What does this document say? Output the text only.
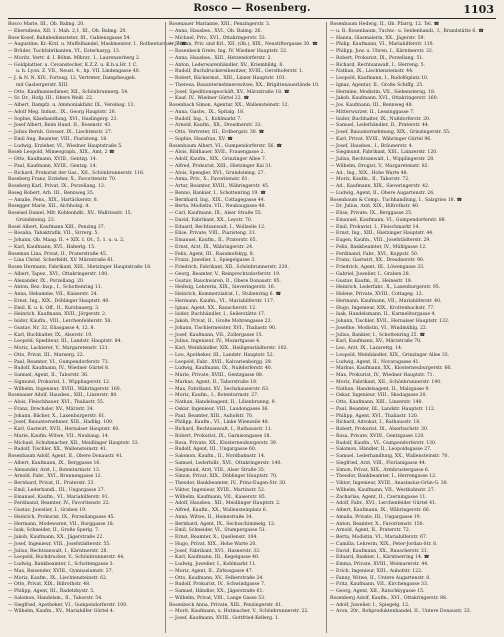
Rosco — Rosenberg.	1103
Rosco Marie, III., Ob. Balmg. 20.
— Ebersdiens, XII. 1. Mah. 2,1, III., Ob. Balmg. 20.
Rose Kosef, Bahnbediensteter, III., Gablenzgasse 54.
— Augustine, Kr.-Krzl. u. Muffelhandel, Maskmeister, I., Rothenturmstr. 7 ☎
— Brüder, Tuchfabrikanten, VI., Esterhazyg. 13.
— Moritz, Vertr. d. I. Böhm. Mlbrzr., I., Laurenzerberg 2.
— Goldplattier. u. Cevanstecher, K.Z.Z. u. K.h.u.Hr. f. C.
u. h. Lyon. Z. VII., Neust. 4., hp. VII. Lindengasse 40.
— J. & N. N. XIV., Fortesg. 12, Vertreter, Dampfzeugeb.
mit Gasbergerstr. XIII.
— Otto, Kaufmannsdiener, XII., Schönbrunnerg. 54.
— Sr. Dr., Hofg. III., Obere Weiß. 22.
— Albert, Dampfz. u. Ammoniakfabr. IX., Vereinsg. 13.
— Adolf Meg. Indust., IX., Georg Hauptstr. 26.
— Sophie, Käsehandlung, XVI., Haslingerg. 23.
— Josef Albert, Beim Hand. II., Rosenstr. 43.
— Julius Bernh. Grosser, IX., Liechtenstr. 27.
— Emil Ang. Beamter, VIII., Piaristeng. 18.
— Ludwig, Erzieher, VI., Wiedner Hauptstraße 5.
Roseb Leopold, Mimeograph., XIX., Amt, 2 ☎
— Otto, Kaufmann, XVIII., Gentzg. 14.
— Paul, Kaufmann, XVIII., Gentzg. 14.
— Richard, Prokurist der Gas., XII., Schönbrunnerstr. 116.
Roseberg Franz, Erzieher, X., Favoritenstr. 70.
Roseberg Karl, Privat, IX., Porzellang. 12.
Roseg Robert, Arb. III., Rennweg 35.
— Amalie, Pens., XIX., Hartäckerstr. 8.
Rosegger Marie, XII., Aichholzg. 4.
Roseisel Daniel, Mfr. Kohlenhdlr., XV., Wallrissstr. 15.
Grundsteing. 23.
Rosel Albert, Kaufmann XIII., Penzing 37.
— Rosalia, Tabaktrafik, VII., Sirrerg. 5.
— Johann, Ob. Maag. II. + XIX. I. Ot., 5. 1. u. u. 2.
— Karl, Kaufmann, XVI., Haberlg. 15.
Roseman Lina, Privat, II., Praterstraße 45.
— Lina Christ. Scherfeldt, XV. Märzstraße 61.
Rosen Hermann, Fabrikant, XIII., Hietzinger Hauptstraße 18.
— Albert, Tapez., XVI., Ottakringerstr. 100.
— Alexander, IX., Porzellang. 20.
— Anton, Bez.-Insp., I., Schottenring 11.
— Anna, Hebamme, VII., Kaiserstr. 24.
— Ernst, Ing., XIX., Döblinger Hauptstr. 40.
— Emil, K. u. k. Off., II., Kurzbauerg. 3.
— Heinrich, Kaufmann, XVII., Jörgerstr. 2.
— Isidor, Kaufm., VIII., Lerchenfelderstr. 58.
— Gustav, Nr. 32, Eliasgasse 4, 12. 8.
— Karl, Buchhalter, IX., Alserstr. 19.
— Leopold, Spediteur, III., Landstr. Hauptstr. 84.
— Moriz, Lackierer, V., Margaretenstr. 121.
— Otto, Privat, III., Marxerg. 22.
— Paul, Beamter, VI., Gumpendorferstr. 73.
— Rudolf, Kaufmann, IV., Wiedner Gürtel 8.
— Samuel, Agent, II., Taborstr. 36.
— Sigmund, Prokurist, I., Wipplingerstr. 12.
— Wilhelm, Ingenieur, XVIII., Währingerstr. 160.
Rosenauer Adolf, Hausbes., XIII., Linzerstr. 80.
— Alois, Fleischhauer, XVI., Thaliastr. 55.
— Franz, Drechsler, XV., Märzstr. 34.
— Johann, Bäcker, X., Laxenburgerstr. 61.
— Josef, Bauunternehmer, XIII., Hadikg. 100.
— Karl, Gastwirt, XVII., Hernalser Hauptstr. 60.
— Marie, Kaufm.-Witwe, VII., Neubaug. 14.
— Michael, Schuhmacher, XII., Meidlinger Hauptstr. 33.
— Rudolf, Tischler, XX., Wallensteinstr. 41.
Rosenbaum Adolf, Agent, II., Obere Donaustr. 41.
— Albert, Kaufmann, IX., Berggasse 16.
— Alexander, Arzt, I., Rotenturmstr. 13.
— Arnold, Fabr., XVI., Brunnengasse 12.
— Bernhard, Privat, II., Praterstr. 33.
— Emil, Lederhandl., III., Ungargasse 27.
— Emanuel, Kaufm., VI., Mariahilferstr. 91.
— Ferdinand, Beamter, IV., Favoritenstr. 22.
— Gustav, Juwelier, I., Graben 19.
— Heinrich, Prokurist, IX., Porzellangasse 45.
— Hermann, Modewaren, VII., Burggasse 18.
— Isak, Schneider, II., Große Sperlg. 7.
— Jakob, Kaufmann, XX., Jägerstraße 22.
— Josef, Ingenieur, VIII., Josefstädterstr. 55.
— Julius, Rechtsanwalt, I., Kärntnerstr. 28.
— Leopold, Buchdrucker, V., Schönbrunnerstr. 44.
— Ludwig, Bankbeamter, I., Schottengasse 3.
— Max, Reisender, XVIII., Gymnasiumstr. 37.
— Moriz, Kaufm., IX., Liechtensteinstr. 62.
— Otto, Privat, XIX., Billrothstr. 48.
— Philipp, Agent, III., Radetzkystr. 5.
— Salomon, Handelsm., II., Taborstr. 54.
— Siegfried, Apotheker, VI., Gumpendorferstr. 100.
— Wilhelm, Kaufm., XV., Mariahilfer Gürtel 4.
Rosenauer Marianne, XIII., Penzingerstr. 3.
— Anna, Hausbes., XVI., Ob. Balmg. 26.
— Michael, Priv., XVI., Ottakringerstr. 53.
— Johann, Priv. und Krl., XII. (Ob.), XIX., Neustiftergasse 30. ☎
— Rosenbeck Grete, Ing. IV. Wiedner Hauptstr. 32.
— Anna, Hausbes., XIII., Hetzendorferstr. 2.
— Anton, Lederwarenhändler, XV., Kriemhildg. 8.
— Rudolf, Buchdruckereibesitzer, XVIII., Gersthoferstr. 1.
— Robert, Bäckermst., XIII., Linzer Hauptstr. 101.
— Theresa, Bauunternehmerswitwe, XX., Brigittenauerlände 10.
— Josef, Speditionsgeschäft, XV., Märzstraße 18. ☎
— Kauf. IV., Wiedner Gürtel 22. ☎
Rosenbach Simon, Agentur, XX., Wallensteinstr. 12.
— Anna, Gastw., IX., Spitalg. 18.
— Rudolf, Ing., I., Kohlmarkt 7.
— Arnold, Kaufm., XX., Dresdnerstr. 33.
— Otto, Vertreter, III., Erdbergstr. 30. ☎
— Sophie, Hausfrau, XV. ☎
Rosenbaum Albert, VI., Gumpendorferstr. 56. ☎
— Alois, Bildhauer, XVII., Frauengasse 2.
— Adolf, Kaufm., XIX., Grinzinger Allee 7.
— Alfred, Prokurist, XIII., Hietzinger Kai 31.
— Alois, Spengler, XVI., Grundsteing. 27.
— Anna, Priv., X., Favoritenstr. 61.
— Artur, Beamter, XVIII., Währingerstr. 45.
— Benno, Bankier, I., Schottenring 19. ☎
— Bernhard, Ing., XIX., Cottagegasse 44.
— Berta, Modistin, VII., Neubaugasse 40.
— Carl, Kaufmann, IX., Alser Straße 55.
— David, Fabrikant, XX., Leystr. 70.
— Eduard, Rechtsanwalt, I., Wollzeile 12.
— Elise, Private, VIII., Piaristeng. 31.
— Emanuel, Kaufm., II., Praterstr. 65.
— Ernst, Arzt, IX., Währingerstr. 24.
— Felix, Agent, III., Rasumofskyg. 8.
— Franz, Juwelier, I., Spiegelgasse 3.
— Friedrich, Fabrikant, XII., Schönbrunnerstr. 220.
— Georg, Beamter, V., Reinprechtsdorferstr. 19.
— Gustav, Rauchwaren, II., Obere Donaustr. 95.
— Hedwig, Lehrerin, XIX., Sieveringerstr. 16.
— Heinrich, Kommerzialrat, I., Stubenring 6. ☎
— Hermann, Kaufm., VI., Mariahilferstr. 117.
— Ignaz, Agent, XX., Rauscherstr. 12.
— Isidor, Buchhändler, I., Seilerstätte 17.
— Jakob, Privat, II., Große Mohrengasse 23.
— Johann, Tischlermeister, XVI., Thaliastr. 90.
— Josef, Kaufmann, VII., Zollergasse 15.
— Julius, Ingenieur, IV., Mozartgasse 4.
— Karl, Weinhändler, XIX., Heiligenstädterstr. 102.
— Leo, Apotheker, III., Landstr. Hauptstr. 52.
— Leopold, Fabr., XVII., Kalvarienbergg. 29.
— Ludwig, Kaufmann, IX., Nußdorferstr. 40.
— Marie, Private, XVIII., Gentzgasse 88.
— Markus, Agent, II., Taborstraße 18.
— Max, Fabrikant, XV., Sechshauserstr. 63.
— Moriz, Kaufm., I., Rotenturmstr. 27.
— Nathan, Handelsagent, II., Lilienbrunng. 9.
— Oskar, Ingenieur, VIII., Laudongasse 36.
— Paul, Beamter, XIII., Auhofstr. 70.
— Philipp, Kaufm., VI., Linke Wienzeile 48.
— Richard, Rechtsanwalt, I., Rathausstr. 11.
— Robert, Prokurist, IX., Garnisongasse 18.
— Rosa, Private, XX., Klosterneuburgerstr. 39.
— Rudolf, Agent, III., Ungargasse 60.
— Salomon, Kaufm., II., Nordbahnstr. 14.
— Samuel, Lederhdlr., XVI., Ottakringerstr. 140.
— Siegmund, Arzt, VIII., Alser Straße 35.
— Simon, Privat, XIX., Döblinger Hauptstr. 70.
— Theodor, Bankbeamter, IV., Prinz-Eugen-Str. 30.
— Viktor, Ingenieur, XVIII., Martinstr. 52.
— Wilhelm, Kaufmann, VII., Kaiserstr. 85.
— Adolf, Hausbes., XII., Meidlinger Hauptstr. 2.
— Alfred, Kaufm., XX., Wallensteinplatz 6.
— Anna, Witwe, II., Heinestraße 34.
— Bernhard, Agent, IX., Sechsschimmelg. 12.
— Emil, Schneider, VI., Stumpergasse 51.
— Ernst, Beamter, X., Quellenstr. 104.
— Hugo, Privat, XIX., Hohe Warte 20.
— Josef, Fabrikant, XVI., Hasnerstr. 33.
— Karl, Kaufmann, III., Kegelgasse 40.
— Ludwig, Juwelier, I., Kohlmarkt 11.
— Moriz, Agent, II., Zirkusgasse 47.
— Otto, Kaufmann, XV., Felberstraße 24.
— Rudolf, Prokurist, IV., Schwindgasse 7.
— Samuel, Händler, XX., Jägerstraße 61.
— Wilhelm, Privat, VIII., Lange Gasse 53.
Rosenbeck Anna, Private, XIII., Penzingerstr. 61.
— Morit, Kaufmann, u. Hutmacher, V., Schönbrunnerstr. 22.
— Josef, Kaufmann, XVIII., Gottfried-Kellerg. 1.
Rosenbaum Hedwig, II., Ob. Pfarrg. 12. Tel. ☎
— u. R. Rosenbaum, Tuchw.- u. Seidenhandl., I., Brandstätte 6. ☎
— Hanna, Glasmalerin, XX., Jägerstr. 59.
— Philip, Kaufmann, VI., Mariahilferstr. 119.
— Philipp, Juw. u. Uhren, I., Kärntnerstr. 32.
— Robert, Prokurist, IX., Porzellang. 51.
— Richard, Rechtsanwalt, I., Herreng. 5.
— Nathan, IX., Liechtensteinstr. 44.
— Leopold, Kaufmann, I., Rudolfsplatz 10.
— Ignaz, Agentur, II., Große Schiffg. 25.
— Hermine, Modistin, VII., Siebensterng. 18.
— Jakob, Kaufmann, XVI., Ottakringerstr. 160.
— Jos. Kaufmann, III., Rennweg 48.
— Mitterwurzer, II., Lessinggasse 7.
— Isidor, Buchhalter, IX., Nußdorferstr. 20.
— Samuel, Lederhändler, II., Praterstr. 44.
— Josef, Bauunternehmung, XIX., Grinzingerstr. 55.
— Karl, Privat, XVIII., Währinger Gürtel 96.
— Josef, Hausbes., I., Bräunerstr. 4.
— Siegmund, Fabrikant, XIII., Lainzerstr. 120.
— Julius, Rechtsanwalt, I., Wipplingerstr. 28.
— Wilhelm, Drogist, V., Margaretenstr. 82.
— Ad., Ing., XIX., Hohe Warte 48.
— Moriz, Kaufm., II., Taborstr. 72.
— Ad., Kaufmann, XIX., Sieveringerstr. 42.
— Ludwig, Agent, II., Obere Augartenstr. 26.
Rosenbaum & Comp., Tuchhandlung, I., Salzgries 18. ☎
— Dr. Julius, Arzt, XIX., Billrothstr. 40.
— Elise, Private, IX., Berggasse 25.
— Emanuel, Kaufmann, VI., Gumpendorferstr. 88.
— Emil, Prokurist, I., Fleischmarkt 14.
— Ernst, Ing., XIII., Hietzinger Hauptstr. 44.
— Eugen, Kaufm., VIII., Josefstädterstr. 29.
— Felix, Bankbeamter, IV., Mühlgasse 12.
— Ferdinand, Fabr., XVI., Koppstr. 50.
— Franz, Gastwirt, XX., Dresdnerstr. 90.
— Friedrich, Agent, III., Löwengasse 33.
— Gabriel, Juwelier, I., Graben 28.
— Gustav, Kaufm., II., Heinestr. 19.
— Heinrich, Lederfabr., X., Laxenburgerstr. 95.
— Helene, Private, XVIII., Cottageg. 12.
— Hermann, Kaufmann, VII., Mariahilferstr. 40.
— Hugo, Ingenieur, XIX., Krottenbachstr. 77.
— Isak, Handelsmann, II., Karmelitergasse 4.
— Johann, Tischler, XVII., Hernalser Hauptstr. 132.
— Josefine, Modistin, VI., Windmühlg. 22.
— Julius, Bankier, I., Schottenring 25. ☎
— Karl, Kaufmann, XV., Märzstraße 70.
— Leo, Arzt, IX., Lazarettg. 14.
— Leopold, Weinhändler, XIX., Grinzinger Allee 33.
— Ludwig, Agent, II., Novaragasse 41.
— Markus, Kaufmann, XX., Klosterneuburgerstr. 60.
— Max, Prokurist, IV., Wiedner Hauptstr. 71.
— Moriz, Fabrikant, XII., Schönbrunnerstr. 190.
— Nathan, Handelsagent, II., Malzgasse 9.
— Oskar, Ingenieur, VIII., Skodagasse 20.
— Otto, Kaufmann, XIII., Linzerstr. 140.
— Paul, Beamter, III., Landstr. Hauptstr. 112.
— Philipp, Agent, XVI., Thaliastr. 120.
— Richard, Advokat, I., Rathausstr. 18.
— Robert, Prokurist, IX., Alserbachstr. 30.
— Rosa, Private, XVIII., Gentzgasse 120.
— Rudolf, Kaufm., VI., Gumpendorferstr. 130.
— Salomon, Händler, II., Leopoldsgasse 27.
— Samuel, Lederhandlung, XX., Wallensteinstr. 70.
— Siegfried, Arzt, VIII., Florianigasse 44.
— Simon, Privat, XIX., Armbrustergasse 6.
— Theodor, Bankbeamter, I., Herrengasse 12.
— Viktor, Ingenieur, XVIII., Anastasius-Grün-G. 30.
— Wilhelm, Kaufmann, VII., Westbahnstr. 27.
— Zacharias, Agent, II., Czerningasse 11.
— Adolf, Fabr., XVI., Lerchenfelder Gürtel 41.
— Albert, Kaufmann, IX., Währingerstr. 66.
— Amalia, Private, III., Ungargasse 19.
— Anton, Beamter, X., Favoritenstr. 150.
— Arnold, Agent, II., Praterstr. 72.
— Berta, Modistin, VI., Mariahilferstr. 67.
— Camilla, Lehrerin, XIX., Peter-Jordan-Str. 8.
— David, Kaufmann, XX., Rauscherstr. 21.
— Eduard, Bankier, I., Kärntnerring 14. ☎
— Emma, Private, XVIII., Weimarerstr. 44.
— Erich, Ingenieur, XIII., Auhofstr. 122.
— Fanny, Witwe, II., Untere Augartenstr. 8.
— Fritz, Kaufmann, VII., Kirchengasse 33.
— Georg, Agent, XII., Ratschkygasse 15.
Rosenberg Adolf, Kaufm., XVI., Ottakringerstr. 88.
— Adolf, Juwelier, I., Spiegelg. 12.
— Aron, 20r., Rohproduktenhandel, II., Untere Donaustr. 33.
